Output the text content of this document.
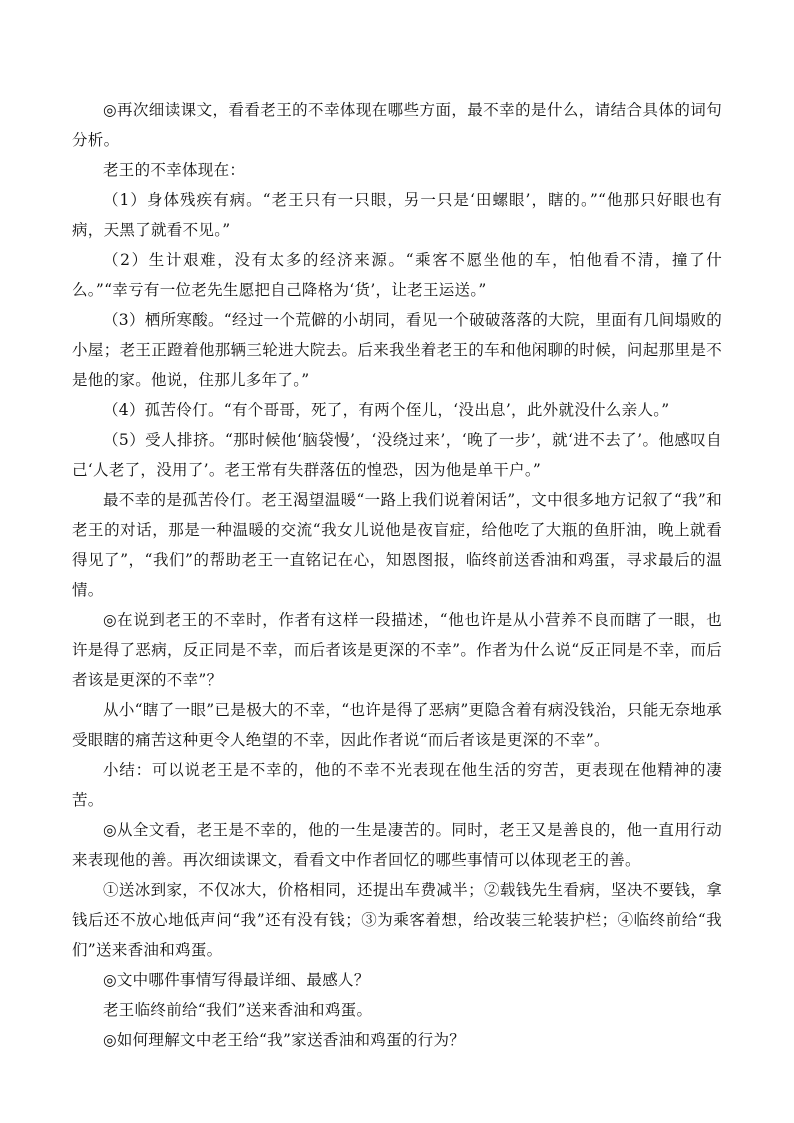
◎再次细读课文，看看老王的不幸体现在哪些方面，最不幸的是什么，请结合具体的词句分析。

老王的不幸体现在：

（1）身体残疾有病。“老王只有一只眼，另一只是‘田螺眼’，瞎的。”“他那只好眼也有病，天黑了就看不见。”

（2）生计艰难，没有太多的经济来源。“乘客不愿坐他的车，怕他看不清，撞了什么。”“幸亏有一位老先生愿把自己降格为‘货’，让老王运送。”

（3）栖所寒酸。“经过一个荒僻的小胡同，看见一个破破落落的大院，里面有几间塌败的小屋；老王正蹬着他那辆三轮进大院去。后来我坐着老王的车和他闲聊的时候，问起那里是不是他的家。他说，住那儿多年了。”

（4）孤苦伶仃。“有个哥哥，死了，有两个侄儿，‘没出息’，此外就没什么亲人。”

（5）受人排挤。“那时候他‘脑袋慢’，‘没绕过来’，‘晚了一步’，就‘进不去了’。他感叹自己‘人老了，没用了’。老王常有失群落伍的惶恐，因为他是单干户。”

最不幸的是孤苦伶仃。老王渴望温暖“一路上我们说着闲话”，文中很多地方记叙了“我”和老王的对话，那是一种温暖的交流“我女儿说他是夜盲症，给他吃了大瓶的鱼肝油，晚上就看得见了”，“我们”的帮助老王一直铭记在心，知恩图报，临终前送香油和鸡蛋，寻求最后的温情。

◎在说到老王的不幸时，作者有这样一段描述，“他也许是从小营养不良而瞎了一眼，也许是得了恶病，反正同是不幸，而后者该是更深的不幸”。作者为什么说“反正同是不幸，而后者该是更深的不幸”？

从小“瞎了一眼”已是极大的不幸，“也许是得了恶病”更隐含着有病没钱治，只能无奈地承受眼瞎的痛苦这种更令人绝望的不幸，因此作者说“而后者该是更深的不幸”。

小结：可以说老王是不幸的，他的不幸不光表现在他生活的穷苦，更表现在他精神的凄苦。

◎从全文看，老王是不幸的，他的一生是凄苦的。同时，老王又是善良的，他一直用行动来表现他的善。再次细读课文，看看文中作者回忆的哪些事情可以体现老王的善。

①送冰到家，不仅冰大，价格相同，还提出车费减半；②载钱先生看病，坚决不要钱，拿钱后还不放心地低声问“我”还有没有钱；③为乘客着想，给改装三轮装护栏；④临终前给“我们”送来香油和鸡蛋。

◎文中哪件事情写得最详细、最感人？

老王临终前给“我们”送来香油和鸡蛋。

◎如何理解文中老王给“我”家送香油和鸡蛋的行为？
